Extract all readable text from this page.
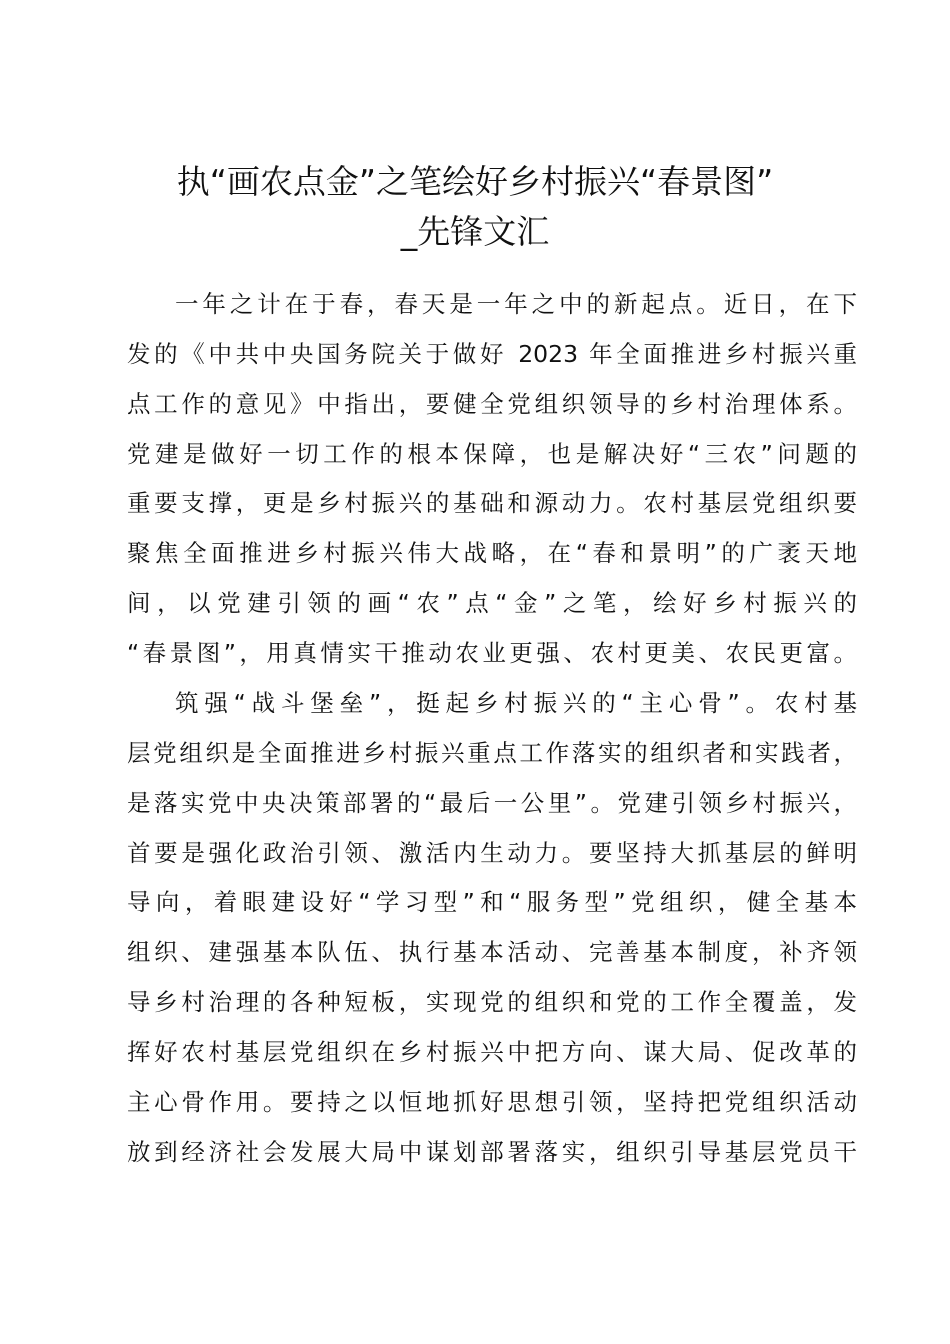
执“画农点金”之笔绘好乡村振兴“春景图”
_先锋文汇

一年之计在于春，春天是一年之中的新起点。近日，在下

发的《中共中央国务院关于做好 2023 年全面推进乡村振兴重

点工作的意见》中指出，要健全党组织领导的乡村治理体系。

党建是做好一切工作的根本保障，也是解决好“三农”问题的

重要支撑，更是乡村振兴的基础和源动力。农村基层党组织要

聚焦全面推进乡村振兴伟大战略，在“春和景明”的广袤天地

间，以党建引领的画“农”点“金”之笔，绘好乡村振兴的

“春景图”，用真情实干推动农业更强、农村更美、农民更富。

筑强“战斗堡垒”，挺起乡村振兴的“主心骨”。农村基

层党组织是全面推进乡村振兴重点工作落实的组织者和实践者，

是落实党中央决策部署的“最后一公里”。党建引领乡村振兴，

首要是强化政治引领、激活内生动力。要坚持大抓基层的鲜明

导向，着眼建设好“学习型”和“服务型”党组织，健全基本

组织、建强基本队伍、执行基本活动、完善基本制度，补齐领

导乡村治理的各种短板，实现党的组织和党的工作全覆盖，发

挥好农村基层党组织在乡村振兴中把方向、谋大局、促改革的

主心骨作用。要持之以恒地抓好思想引领，坚持把党组织活动

放到经济社会发展大局中谋划部署落实，组织引导基层党员干
